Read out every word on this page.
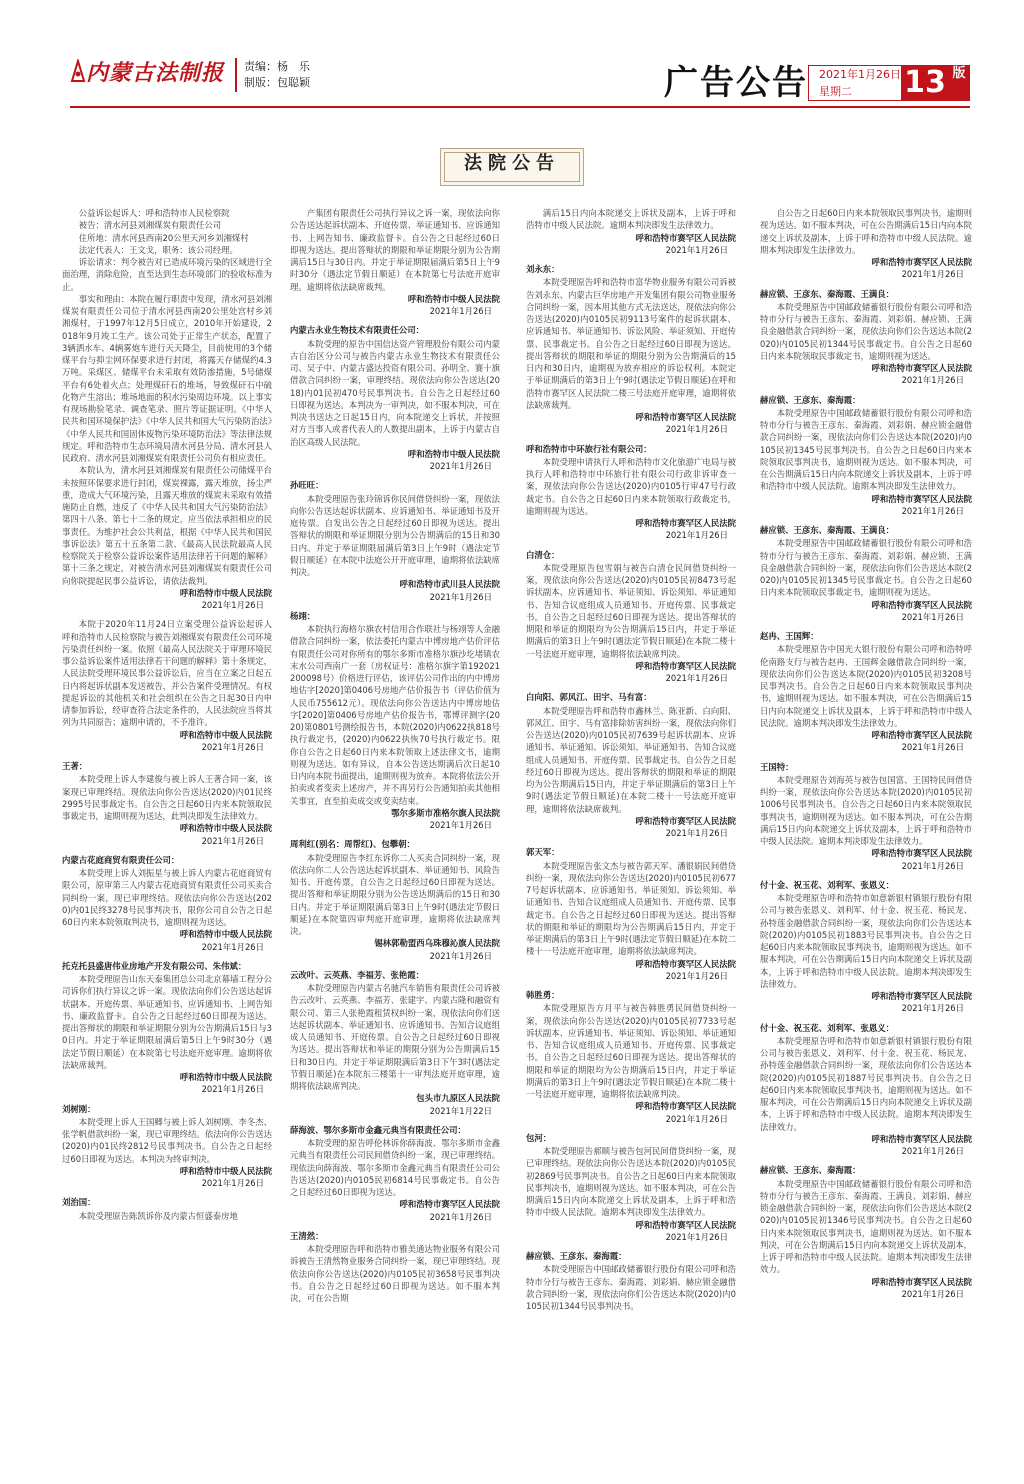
内蒙古法制报 责编：杨　乐
制版：包聪颖	广告公告 2021年1月26日
星期二	13 版
法院公告
公益诉讼起诉人：呼和浩特市人民检察院
被告：清水河县刘湘煤炭有限责任公司
住所地：清水河县西南20公里天河乡刘湘煤村
法定代表人：王文戈，职务：该公司经理。
诉讼请求：判令被告对已造成环境污染的区域进行全面治理，消除危险，直至达到生态环境部门的验收标准为止。
事实和理由：本院在履行职责中发现，清水河县刘湘煤炭有限责任公司位于清水河县西南20公里处宫村乡刘湘煤村，于1997年12月5日成立，2010年开始建设，2018年9月竣工生产。该公司处于正常生产状态，配置了3辆洒水车、4辆雾炮车进行天天降尘，目前使用的3个储煤平台与抑尘网环保要求进行封闭，将露天存储煤约4.3万吨。采煤区、储煤平台未采取有效防渗措施，5号储煤平台有6处着火点；处理煤矸石的堆场，导致煤矸石中硫化物产生溶出；堆场地面的积水污染周边环境。以上事实有现场勘验笔录、调查笔录、照片等证据证明。《中华人民共和国环境保护法》《中华人民共和国大气污染防治法》《中华人民共和国固体废物污染环境防治法》等法律法规规定。呼和浩特市生态环境局清水河县分局、清水河县人民政府、清水河县刘湘煤炭有限责任公司负有相应责任。
本院认为，清水河县刘湘煤炭有限责任公司储煤平台未按照环保要求进行封闭，煤炭裸露，露天堆放，扬尘严重，造成大气环境污染，且露天堆放的煤炭未采取有效措施防止自燃，违反了《中华人民共和国大气污染防治法》第四十八条、第七十二条的规定，应当依法承担相应的民事责任。为维护社会公共利益，根据《中华人民共和国民事诉讼法》第五十五条第二款、《最高人民法院最高人民检察院关于检察公益诉讼案件适用法律若干问题的解释》第十三条之规定，对被告清水河县刘湘煤炭有限责任公司向你院提起民事公益诉讼，请依法裁判。
呼和浩特市中级人民法院
2021年1月26日
本院于2020年11月24日立案受理公益诉讼起诉人呼和浩特市人民检察院与被告刘湘煤炭有限责任公司环境污染责任纠纷一案。依照《最高人民法院关于审理环境民事公益诉讼案件适用法律若干问题的解释》第十条规定，人民法院受理环境民事公益诉讼后，应当在立案之日起五日内将起诉状副本发送被告，并公告案件受理情况。有权提起诉讼的其他机关和社会组织在公告之日起30日内申请参加诉讼，经审查符合法定条件的，人民法院应当将其列为共同原告；逾期申请的，不予准许。
呼和浩特市中级人民法院
2021年1月26日
王著：
本院受理上诉人李建俊与被上诉人王著合同一案，该案现已审理终结。现依法向你公告送达(2020)内01民终2995号民事裁定书。自公告之日起60日内来本院领取民事裁定书，逾期则视为送达，此判决即发生法律效力。
呼和浩特市中级人民法院
2021年1月26日
内蒙古花庭商贸有限责任公司：
本院受理上诉人刘振星与被上诉人内蒙古花庭商贸有限公司，原审第三人内蒙古花庭商贸有限责任公司买卖合同纠纷一案，现已审理终结。现依法向你公告送达(2020)内01民终3278号民事判决书，限你公司自公告之日起60日内来本院领取判决书，逾期则视为送达。
呼和浩特市中级人民法院
2021年1月26日
托克托县盛唐伟业房地产开发有限公司、朱伟斌：
本院受理原告山东天泰集团总公司北京幕墙工程分公司诉你们执行异议之诉一案。现依法向你们公告送达起诉状副本、开庭传票、举证通知书、应诉通知书、上网告知书、廉政监督卡。自公告之日起经过60日即视为送达。提出答辩状的期限和举证期限分别为公告期满后15日与30日内。并定于举证期限届满后第5日上午9时30分（遇法定节假日顺延）在本院第七号法庭开庭审理。逾期将依法缺席裁判。
呼和浩特市中级人民法院
2021年1月26日
刘树刚：
本院受理上诉人王国卿与被上诉人刘树刚、李冬杰、张学帆借款纠纷一案，现已审理终结。依法向你公告送达(2020)内01民终2812号民事判决书。自公告之日起经过60日即视为送达。本判决为终审判决。
呼和浩特市中级人民法院
2021年1月26日
刘治国：
本院受理原告陈凯诉你及内蒙古恒盛泰房地
产集团有限责任公司执行异议之诉一案，现依法向你公告送达起诉状副本、开庭传票、举证通知书、应诉通知书、上网告知书、廉政监督卡。自公告之日起经过60日即视为送达。提出答辩状的期限和举证期限分别为公告期满后15日与30日内。并定于举证期限届满后第5日上午9时30分（遇法定节假日顺延）在本院第七号法庭开庭审理。逾期将依法缺席裁判。
呼和浩特市中级人民法院
2021年1月26日
内蒙古永业生物技术有限责任公司：
本院受理的原告中国信达资产管理股份有限公司内蒙古自治区分公司与被告内蒙古永业生物技术有限责任公司、吴子中、内蒙古盛达投资有限公司、孙明全、赛十旗借款合同纠纷一案，审理终结。现依法向你公告送达(2018)内01民初470号民事判决书。自公告之日起经过60日即视为送达。本判决为一审判决，如不服本判决，可在判决书送达之日起15日内，向本院递交上诉状，并按照对方当事人或者代表人的人数提出副本，上诉于内蒙古自治区高级人民法院。
呼和浩特市中级人民法院
2021年1月26日
孙旺旺：
本院受理原告张玲锦诉你民间借贷纠纷一案，现依法向你公告送达起诉状副本、应诉通知书、举证通知书及开庭传票。自发出公告之日起经过60日即视为送达。提出答辩状的期限和举证期限分别为公告期满后的15日和30日内。并定于举证期限届满后第3日上午9时（遇法定节假日顺延）在本院中法庭公开开庭审理，逾期将依法缺席判决。
呼和浩特市武川县人民法院
2021年1月26日
杨翊：
本院执行海格尔旗农村信用合作联社与杨翊等人金融借款合同纠纷一案，依法委托内蒙古中博房地产估价评估有限责任公司对你所有的鄂尔多斯市准格尔旗沙圪堵镇农末水公司西南广一套（房权证号：准格尔旗字第192021200098号）价格进行评估，该评估公司作出的内中博房地估字[2020]第0406号房地产估价报告书（评估价值为人民币755612元）。现依法向你公告送达内中博房地估字[2020]第0406号房地产估价报告书，鄂博评测字(2020)第0801号测绘报告书，本院(2020)内0622执818号执行裁定书，(2020)内0622执恢70号执行裁定书。限你自公告之日起60日内来本院领取上述法律文书，逾期则视为送达。如有异议，自本公告送达期满后次日起10日内向本院书面提出，逾期则视为放弃。本院将依法公开拍卖或者变卖上述房产，并不再另行公告通知拍卖其他相关事宜，直至拍卖成交或变卖结束。
鄂尔多斯市准格尔旗人民法院
2021年1月26日
周利红(别名：周帮红)、包攀朝：
本院受理原告李红东诉你二人买卖合同纠纷一案，现依法向你二人公告送达起诉状副本、举证通知书、风险告知书、开庭传票，自公告之日起经过60日即视为送达。提出答辩和举证期限分别为公告送达期满后的15日和30日内。并定于举证期限满后第3日上午9时(遇法定节假日顺延)在本院第四审判庭开庭审理，逾期将依法缺席判决。
锡林郭勒盟西乌珠穆沁旗人民法院
2021年1月26日
云改叶、云英燕、李福芳、张艳霞：
本院受理原告内蒙古名驰汽车销售有限责任公司诉被告云改叶、云英燕、李福芳、张建宇、内蒙古隆和融资有限公司、第三人张艳霞租赁权纠纷一案，现依法向你们送达起诉状副本、举证通知书、应诉通知书、告知合议庭组成人员通知书、开庭传票。自公告之日起经过60日即视为送达。提出答辩状和举证的期限分别为公告期满后15日和30日内。并定于举证期限满后第3日下午3时(遇法定节假日顺延)在本院东三楼第十一审判法庭开庭审理，逾期将依法缺席判决。
包头市九原区人民法院
2021年1月22日
薛海波、鄂尔多斯市金鑫元典当有限责任公司：
本院受理的原告呼伦林诉你薛海波、鄂尔多斯市金鑫元典当有限责任公司民间借贷纠纷一案，现已审理终结。现依法向薛海波、鄂尔多斯市金鑫元典当有限责任公司公告送达(2020)内0105民初6814号民事裁定书。自公告之日起经过60日即视为送达。
呼和浩特市赛罕区人民法院
2021年1月26日
王清然：
本院受理原告呼和浩特市雅美通达物业服务有限公司诉被告王清然物业服务合同纠纷一案，现已审理终结。现依法向你公告送达(2020)内0105民初3658号民事判决书。自公告之日起经过60日即视为送达。如不服本判决，可在公告期
满后15日内向本院递交上诉状及副本，上诉于呼和浩特市中级人民法院。逾期本判决即发生法律效力。
呼和浩特市赛罕区人民法院
2021年1月26日
刘永东：
本院受理原告呼和浩特市富华物业服务有限公司诉被告刘永东、内蒙古巨华房地产开发集团有限公司物业服务合同纠纷一案，因本用其他方式无法送达，现依法向你公告送达(2020)内0105民初9113号案件的起诉状副本、应诉通知书、举证通知书、诉讼风险、举证须知、开庭传票、民事裁定书。自公告之日起经过60日即视为送达。提出答辩状的期限和举证的期限分别为公告期满后的15日内和30日内，逾期视为放弃相应的诉讼权利。本院定于举证期满后的第3日上午9时(遇法定节假日顺延)在呼和浩特市赛罕区人民法院二楼三号法庭开庭审理，逾期将依法缺席裁判。
呼和浩特市赛罕区人民法院
2021年1月26日
呼和浩特市中环旅行社有限公司：
本院受理申请执行人呼和浩特市文化旅游广电局与被执行人呼和浩特市中环旅行社有限公司行政非诉审查一案，现依法向你公告送达(2020)内0105行审47号行政裁定书。自公告之日起60日内来本院领取行政裁定书，逾期则视为送达。
呼和浩特市赛罕区人民法院
2021年1月26日
白清仓：
本院受理原告包雪娟与被告白清仓民间借贷纠纷一案，现依法向你公告送达(2020)内0105民初8473号起诉状副本、应诉通知书、举证须知、诉讼须知、举证通知书、告知合议庭组成人员通知书、开庭传票、民事裁定书。自公告之日起经过60日即视为送达。提出答辩状的期限和举证的期限均为公告期满后15日内，并定于举证期满后的第3日上午9时(遇法定节假日顺延)在本院二楼十一号法庭开庭审理，逾期将依法缺席判决。
呼和浩特市赛罕区人民法院
2021年1月26日
白向阳、郭风江、田宇、马有富：
本院受理原告呼和浩特市鑫林兰、陈亚新、白向阳、郭风江、田宇、马有富排除妨害纠纷一案，现依法向你们公告送达(2020)内0105民初7639号起诉状副本、应诉通知书、举证通知、诉讼须知、举证通知书、告知合议庭组成人员通知书、开庭传票、民事裁定书。自公告之日起经过60日即视为送达。提出答辩状的期限和举证的期限均为公告期满后15日内，并定于举证期满后的第3日上午9时(遇法定节假日顺延)在本院二楼十一号法庭开庭审理，逾期将依法缺席裁判。
呼和浩特市赛罕区人民法院
2021年1月26日
郭天军：
本院受理原告张文杰与被告郭天军、潘银娟民间借贷纠纷一案，现依法向你公告送达(2020)内0105民初6777号起诉状副本、应诉通知书、举证须知、诉讼须知、举证通知书、告知合议庭组成人员通知书、开庭传票、民事裁定书。自公告之日起经过60日即视为送达。提出答辩状的期限和举证的期限均为公告期满后15日内，并定于举证期满后的第3日上午9时(遇法定节假日顺延)在本院二楼十一号法庭开庭审理，逾期将依法缺席判决。
呼和浩特市赛罕区人民法院
2021年1月26日
韩胜勇：
本院受理原告方月平与被告韩胜勇民间借贷纠纷一案，现依法向你公告送达(2020)内0105民初7733号起诉状副本、应诉通知书、举证须知、诉讼须知、举证通知书、告知合议庭组成人员通知书、开庭传票、民事裁定书。自公告之日起经过60日即视为送达。提出答辩状的期限和举证的期限均为公告期满后15日内，并定于举证期满后的第3日上午9时(遇法定节假日顺延)在本院二楼十一号法庭开庭审理，逾期将依法缺席判决。
呼和浩特市赛罕区人民法院
2021年1月26日
包河：
本院受理原告郝顺与被告包河民间借贷纠纷一案，现已审理终结。现依法向你公告送达本院(2020)内0105民初2869号民事判决书。自公告之日起60日内来本院领取民事判决书，逾期则视为送达。如不服本判决，可在公告期满后15日内向本院递交上诉状及副本，上诉于呼和浩特市中级人民法院。逾期本判决即发生法律效力。
呼和浩特市赛罕区人民法院
2021年1月26日
赫应锁、王彦东、秦海霞：
本院受理原告中国邮政储蓄银行股份有限公司呼和浩特市分行与被告王彦东、秦海霞、刘彩娟、赫应锁金融借款合同纠纷一案，现依法向你们公告送达本院(2020)内0105民初1344号民事判决书。
自公告之日起60日内来本院领取民事判决书，逾期则视为送达。如不服本判决，可在公告期满后15日内向本院递交上诉状及副本，上诉于呼和浩特市中级人民法院。逾期本判决即发生法律效力。
呼和浩特市赛罕区人民法院
2021年1月26日
赫应锁、王彦东、秦海霞、王满良：
本院受理原告中国邮政储蓄银行股份有限公司呼和浩特市分行与被告王彦东、秦海霞、刘彩娟、赫应锁、王满良金融借款合同纠纷一案，现依法向你们公告送达本院(2020)内0105民初1344号民事裁定书。自公告之日起60日内来本院领取民事裁定书，逾期则视为送达。
呼和浩特市赛罕区人民法院
2021年1月26日
赫应锁、王彦东、秦海霞：
本院受理原告中国邮政储蓄银行股份有限公司呼和浩特市分行与被告王彦东、秦海霞、刘彩娟、赫应锁金融借款合同纠纷一案，现依法向你们公告送达本院(2020)内0105民初1345号民事判决书。自公告之日起60日内来本院领取民事判决书，逾期则视为送达。如不服本判决，可在公告期满后15日内向本院递交上诉状及副本，上诉于呼和浩特市中级人民法院。逾期本判决即发生法律效力。
呼和浩特市赛罕区人民法院
2021年1月26日
赫应锁、王彦东、秦海霞、王满良：
本院受理原告中国邮政储蓄银行股份有限公司呼和浩特市分行与被告王彦东、秦海霞、刘彩娟、赫应锁、王满良金融借款合同纠纷一案，现依法向你们公告送达本院(2020)内0105民初1345号民事裁定书。自公告之日起60日内来本院领取民事裁定书，逾期则视为送达。
呼和浩特市赛罕区人民法院
2021年1月26日
赵冉、王国辉：
本院受理原告中国光大银行股份有限公司呼和浩特呼伦南路支行与被告赵冉、王国辉金融借款合同纠纷一案，现依法向你们公告送达本院(2020)内0105民初3208号民事判决书。自公告之日起60日内来本院领取民事判决书，逾期则视为送达。如不服本判决，可在公告期满后15日内向本院递交上诉状及副本，上诉于呼和浩特市中级人民法院。逾期本判决即发生法律效力。
呼和浩特市赛罕区人民法院
2021年1月26日
王国特：
本院受理原告刘海英与被告包国富、王国特民间借贷纠纷一案，现依法向你公告送达本院(2020)内0105民初1006号民事判决书。自公告之日起60日内来本院领取民事判决书，逾期则视为送达。如不服本判决，可在公告期满后15日内向本院递交上诉状及副本，上诉于呼和浩特市中级人民法院。逾期本判决即发生法律效力。
呼和浩特市赛罕区人民法院
2021年1月26日
付十金、祝玉花、刘利军、张恩义：
本院受理原告呼和浩特市如意新银村镇银行股份有限公司与被告张恩义、刘利军、付十金、祝玉花、杨民龙、孙特莲金融借款合同纠纷一案，现依法向你们公告送达本院(2020)内0105民初1883号民事判决书。自公告之日起60日内来本院领取民事判决书，逾期则视为送达。如不服本判决，可在公告期满后15日内向本院递交上诉状及副本，上诉于呼和浩特市中级人民法院。逾期本判决即发生法律效力。
呼和浩特市赛罕区人民法院
2021年1月26日
付十金、祝玉花、刘利军、张恩义：
本院受理原告呼和浩特市如意新银村镇银行股份有限公司与被告张恩义、刘利军、付十金、祝玉花、杨民龙、孙特莲金融借款合同纠纷一案，现依法向你们公告送达本院(2020)内0105民初1887号民事判决书。自公告之日起60日内来本院领取民事判决书，逾期则视为送达。如不服本判决，可在公告期满后15日内向本院递交上诉状及副本，上诉于呼和浩特市中级人民法院。逾期本判决即发生法律效力。
呼和浩特市赛罕区人民法院
2021年1月26日
赫应锁、王彦东、秦海霞：
本院受理原告中国邮政储蓄银行股份有限公司呼和浩特市分行与被告王彦东、秦海霞、王满良、刘彩娟、赫应锁金融借款合同纠纷一案，现依法向你们公告送达本院(2020)内0105民初1346号民事判决书。自公告之日起60日内来本院领取民事判决书，逾期则视为送达。如不服本判决，可在公告期满后15日内向本院递交上诉状及副本，上诉于呼和浩特市中级人民法院。逾期本判决即发生法律效力。
呼和浩特市赛罕区人民法院
2021年1月26日
